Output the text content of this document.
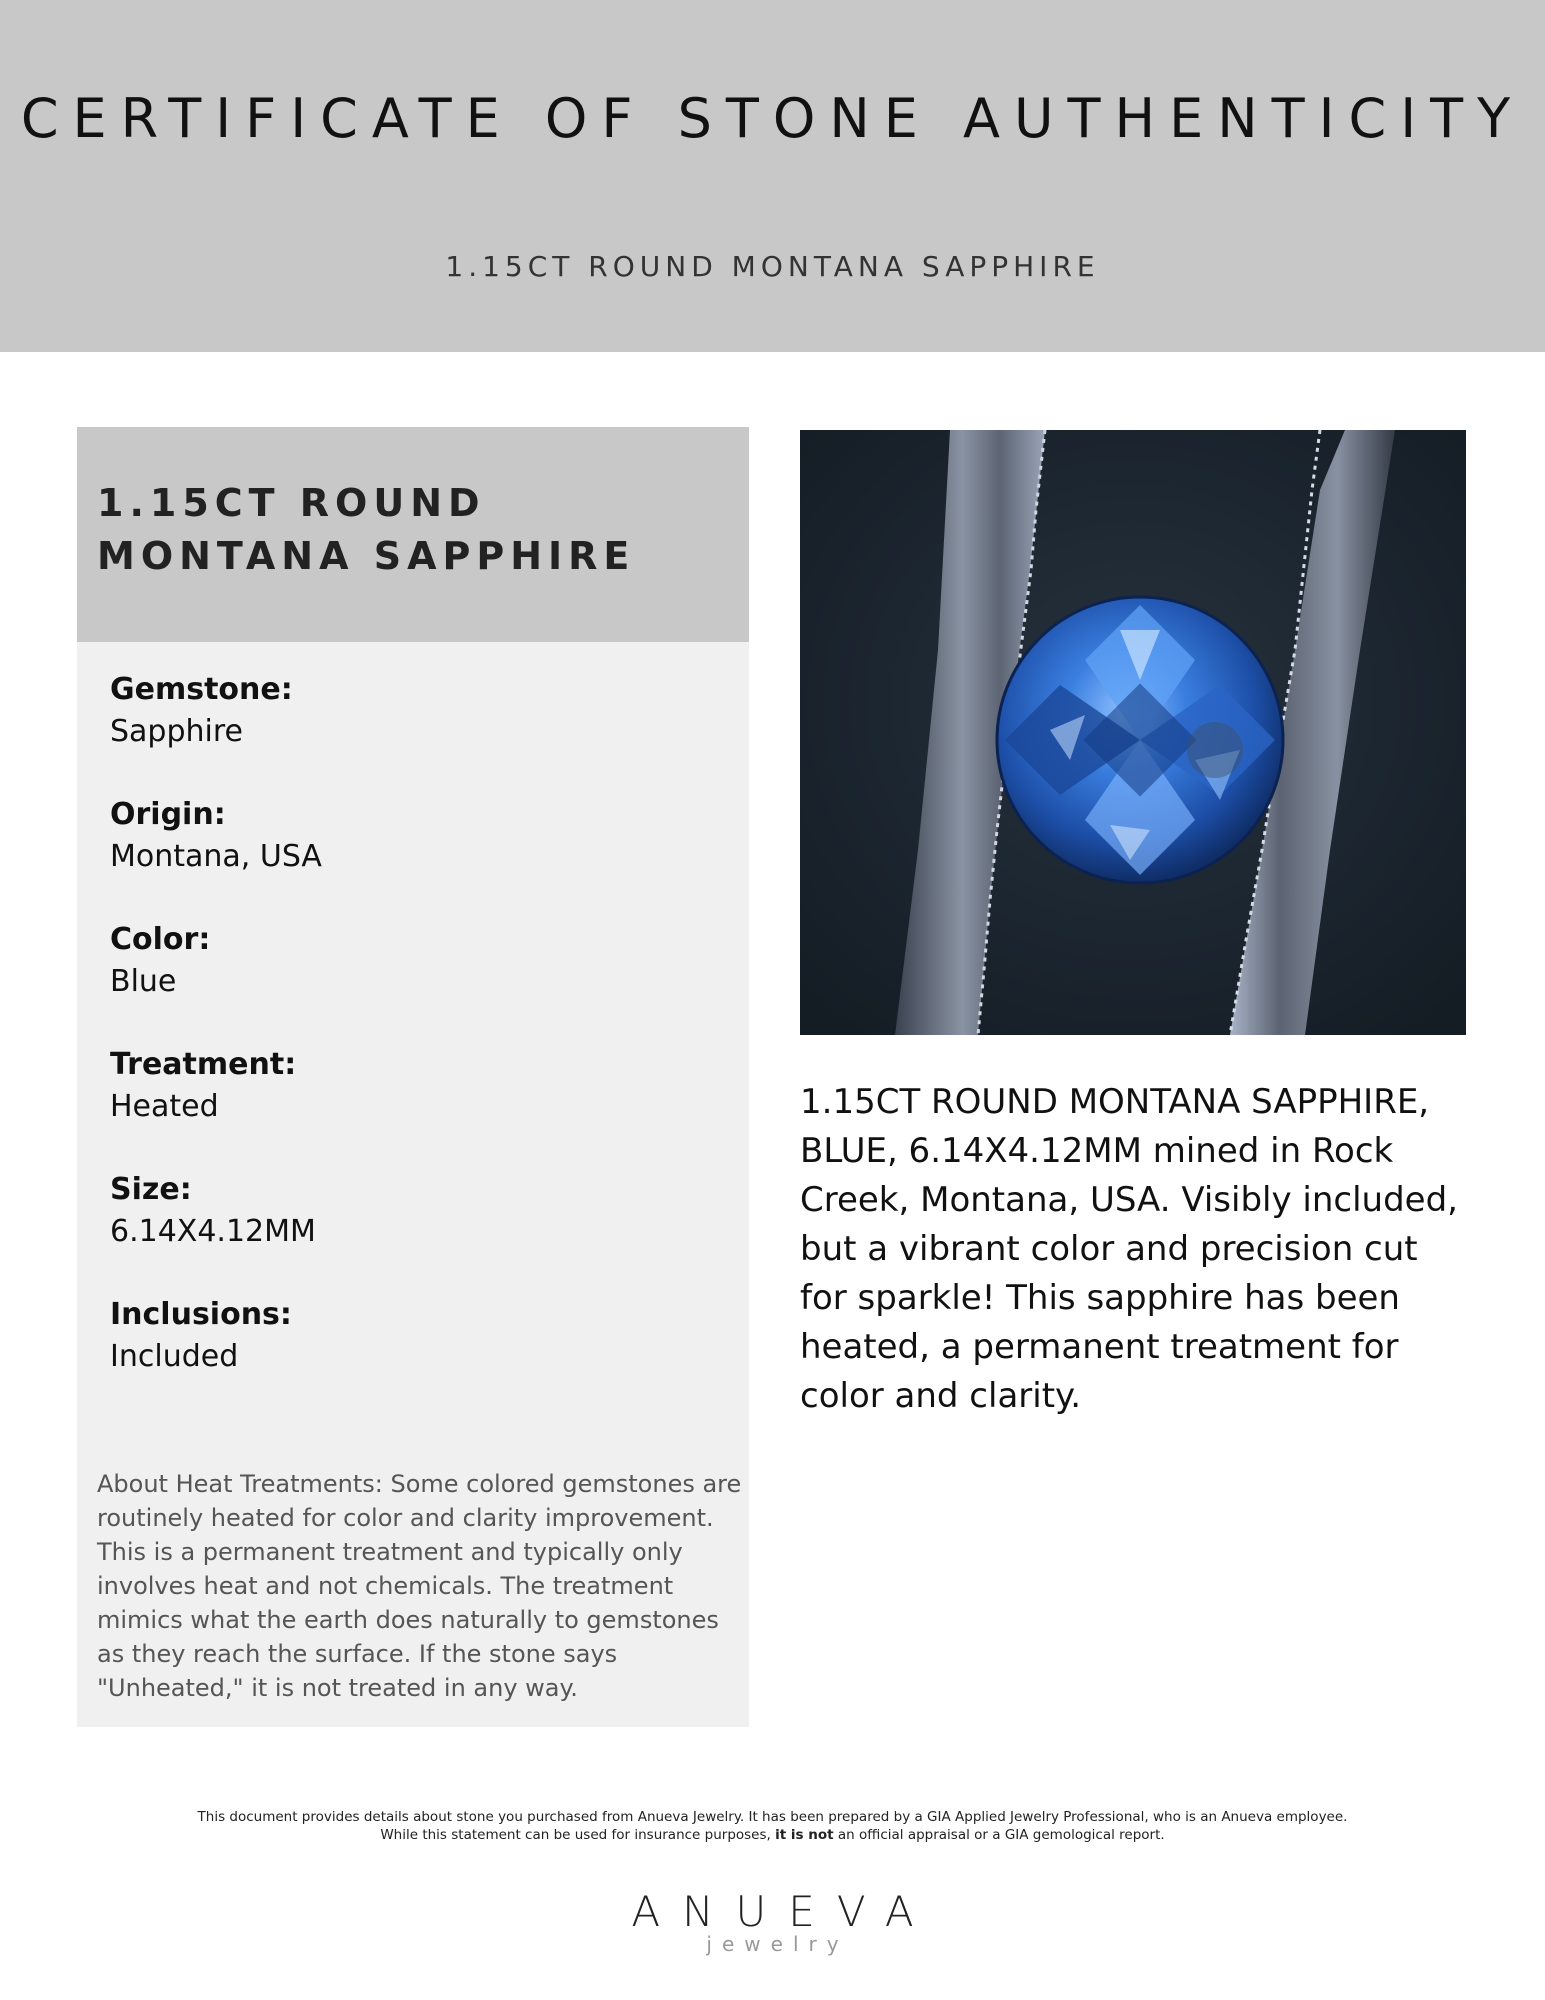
CERTIFICATE OF STONE AUTHENTICITY

1.15CT ROUND MONTANA SAPPHIRE

1.15CT ROUND MONTANA SAPPHIRE
Gemstone:
Sapphire
Origin:
Montana, USA
Color:
Blue
Treatment:
Heated
Size:
6.14X4.12MM
Inclusions:
Included

About Heat Treatments: Some colored gemstones are routinely heated for color and clarity improvement. This is a permanent treatment and typically only involves heat and not chemicals. The treatment mimics what the earth does naturally to gemstones as they reach the surface. If the stone says "Unheated," it is not treated in any way.

1.15CT ROUND MONTANA SAPPHIRE, BLUE, 6.14X4.12MM mined in Rock Creek, Montana, USA. Visibly included, but a vibrant color and precision cut for sparkle! This sapphire has been heated, a permanent treatment for color and clarity.

This document provides details about stone you purchased from Anueva Jewelry. It has been prepared by a GIA Applied Jewelry Professional, who is an Anueva employee.
While this statement can be used for insurance purposes, it is not an official appraisal or a GIA gemological report.
ANUEVA
jewelry
